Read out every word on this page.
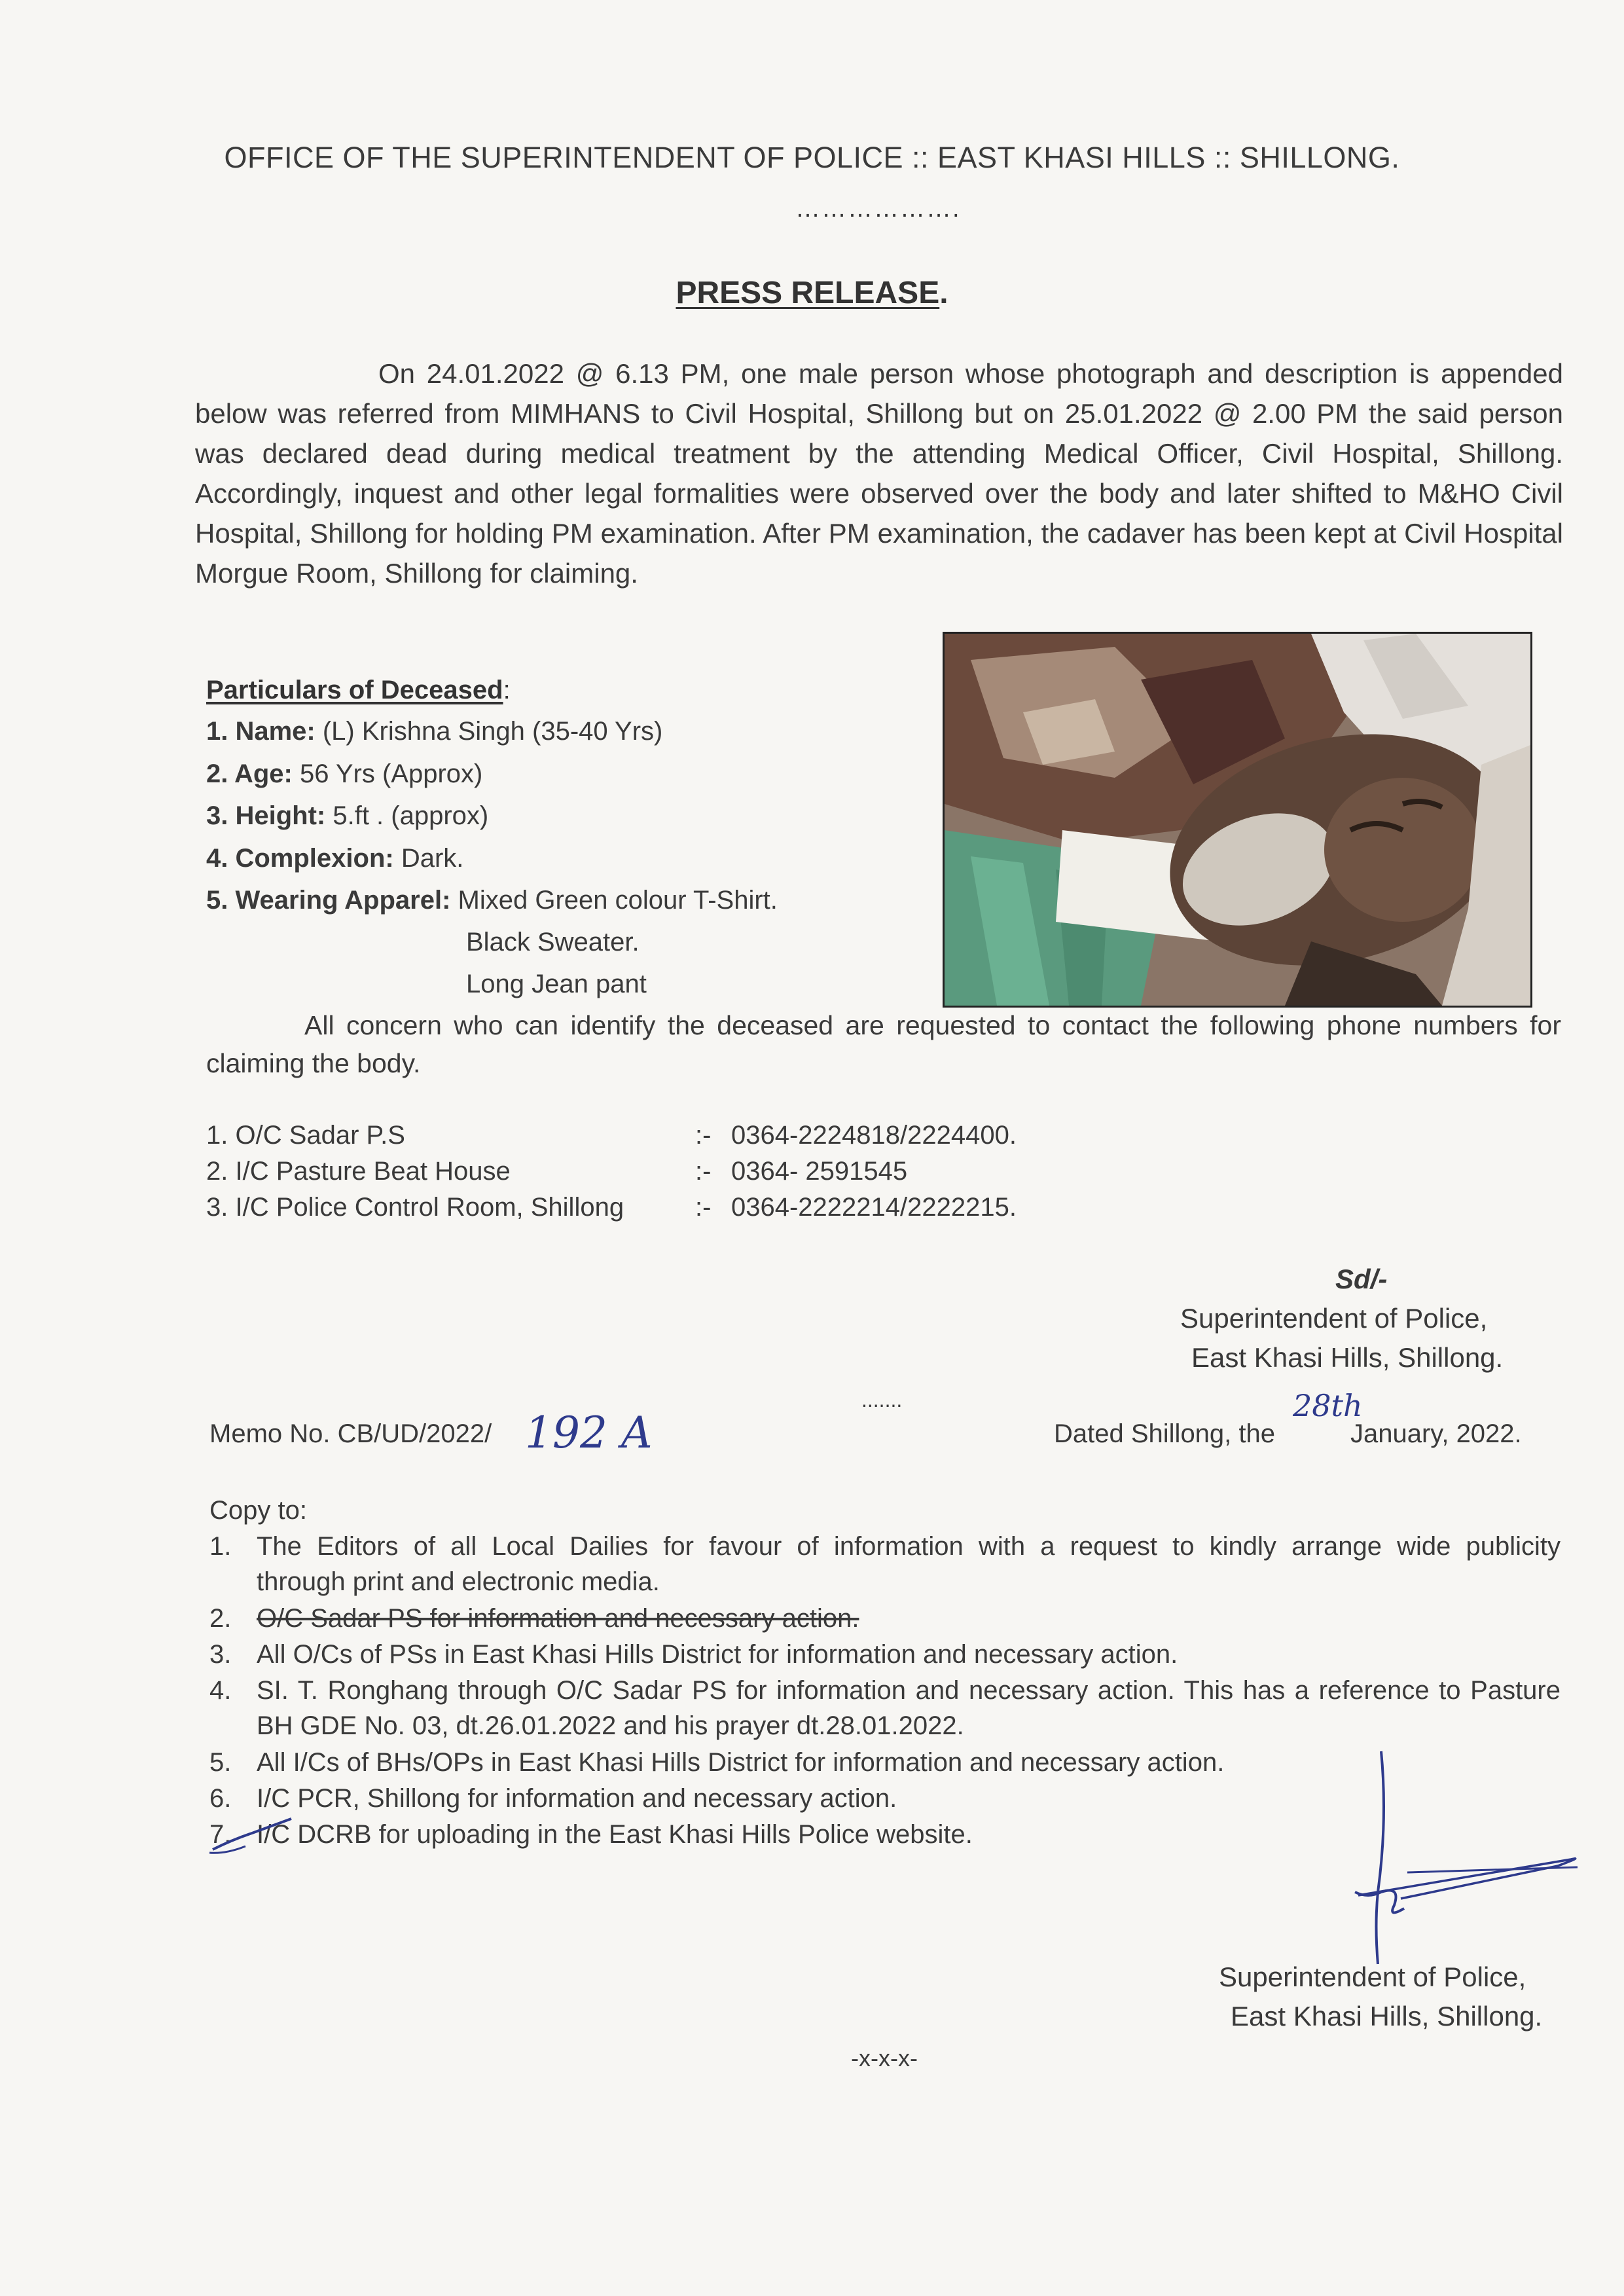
OFFICE OF THE SUPERINTENDENT OF POLICE :: EAST KHASI HILLS :: SHILLONG.
……………….
PRESS RELEASE.
On 24.01.2022 @ 6.13 PM, one male person whose photograph and description is appended below was referred from MIMHANS to Civil Hospital, Shillong but on 25.01.2022 @ 2.00 PM the said person was declared dead during medical treatment by the attending Medical Officer, Civil Hospital, Shillong. Accordingly, inquest and other legal formalities were observed over the body and later shifted to M&HO Civil Hospital, Shillong for holding PM examination. After PM examination, the cadaver has been kept at Civil Hospital Morgue Room, Shillong for claiming.
Particulars of Deceased:
1. Name: (L) Krishna Singh (35-40 Yrs)
2. Age: 56 Yrs (Approx)
3. Height: 5.ft . (approx)
4. Complexion: Dark.
5. Wearing Apparel: Mixed Green colour T-Shirt.
Black Sweater.
Long Jean pant
All concern who can identify the deceased are requested to contact the following phone numbers for claiming the body.
1. O/C Sadar P.S	:- 0364-2224818/2224400.
2. I/C Pasture Beat House	:- 0364- 2591545
3. I/C Police Control Room, Shillong	:- 0364-2222214/2222215.
Sd/-
Superintendent of Police,
East Khasi Hills, Shillong.
Memo No. CB/UD/2022/ 192 A
.......
Dated Shillong, the
28th
January, 2022.
Copy to:
1. The Editors of all Local Dailies for favour of information with a request to kindly arrange wide publicity
through print and electronic media.
2. O/C Sadar PS for information and necessary action.
3. All O/Cs of PSs in East Khasi Hills District for information and necessary action.
4. SI. T. Ronghang through O/C Sadar PS for information and necessary action. This has a reference to Pasture
BH GDE No. 03, dt.26.01.2022 and his prayer dt.28.01.2022.
5. All I/Cs of BHs/OPs in East Khasi Hills District for information and necessary action.
6. I/C PCR, Shillong for information and necessary action.
7. I/C DCRB for uploading in the East Khasi Hills Police website.
Superintendent of Police,
East Khasi Hills, Shillong.
-x-x-x-
